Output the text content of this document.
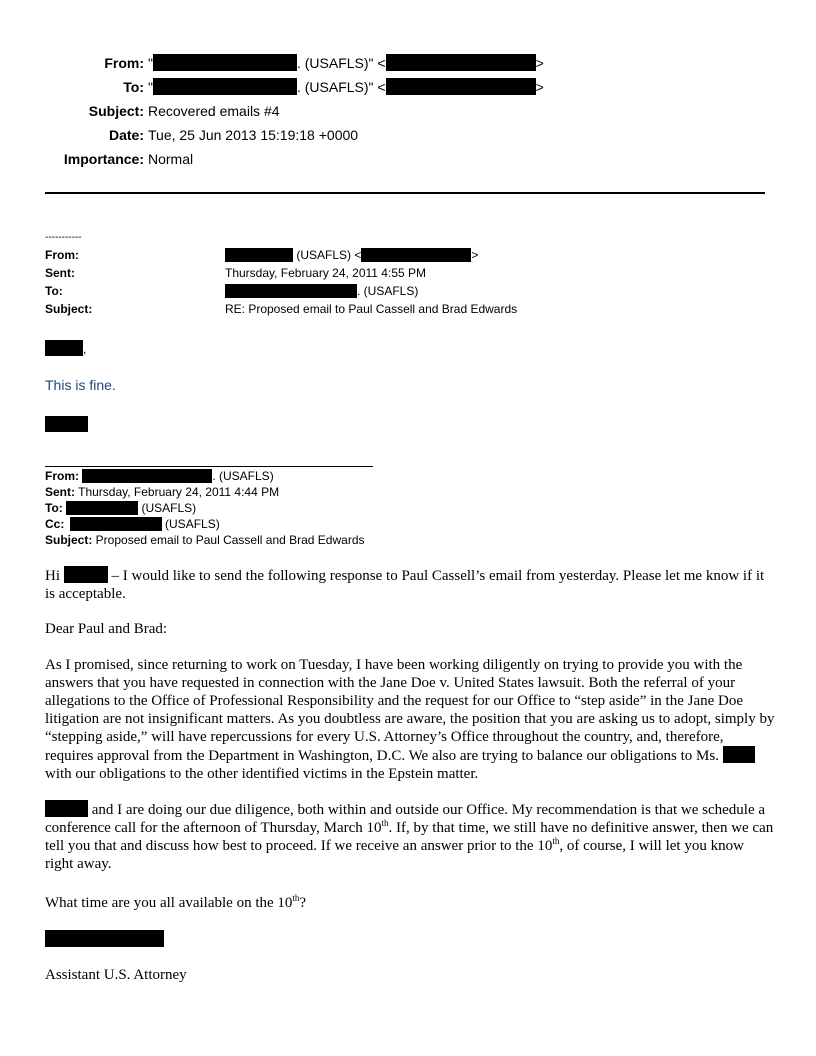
From: "	. (USAFLS)" <	>
To: "	. (USAFLS)" <	>
Subject: Recovered emails #4
Date: Tue, 25 Jun 2013 15:19:18 +0000
Importance: Normal
-----------
From:	(USAFLS) <	>
Sent:	Thursday, February 24, 2011 4:55 PM
To:	. (USAFLS)
Subject:	RE: Proposed email to Paul Cassell and Brad Edwards
,
This is fine.
From:	. (USAFLS)
Sent: Thursday, February 24, 2011 4:44 PM
To:	(USAFLS)
Cc:	(USAFLS)
Subject: Proposed email to Paul Cassell and Brad Edwards
Hi	– I would like to send the following response to Paul Cassell’s email from yesterday. Please let me know if it is acceptable.
Dear Paul and Brad:
As I promised, since returning to work on Tuesday, I have been working diligently on trying to provide you with the answers that you have requested in connection with the Jane Doe v. United States lawsuit. Both the referral of your allegations to the Office of Professional Responsibility and the request for our Office to “step aside” in the Jane Doe litigation are not insignificant matters. As you doubtless are aware, the position that you are asking us to adopt, simply by “stepping aside,” will have repercussions for every U.S. Attorney’s Office throughout the country, and, therefore, requires approval from the Department in Washington, D.C. We also are trying to balance our obligations to Ms.  with our obligations to the other identified victims in the Epstein matter.
and I are doing our due diligence, both within and outside our Office. My recommendation is that we schedule a conference call for the afternoon of Thursday, March 10th. If, by that time, we still have no definitive answer, then we can tell you that and discuss how best to proceed. If we receive an answer prior to the 10th, of course, I will let you know right away.
What time are you all available on the 10th?
Assistant U.S. Attorney
